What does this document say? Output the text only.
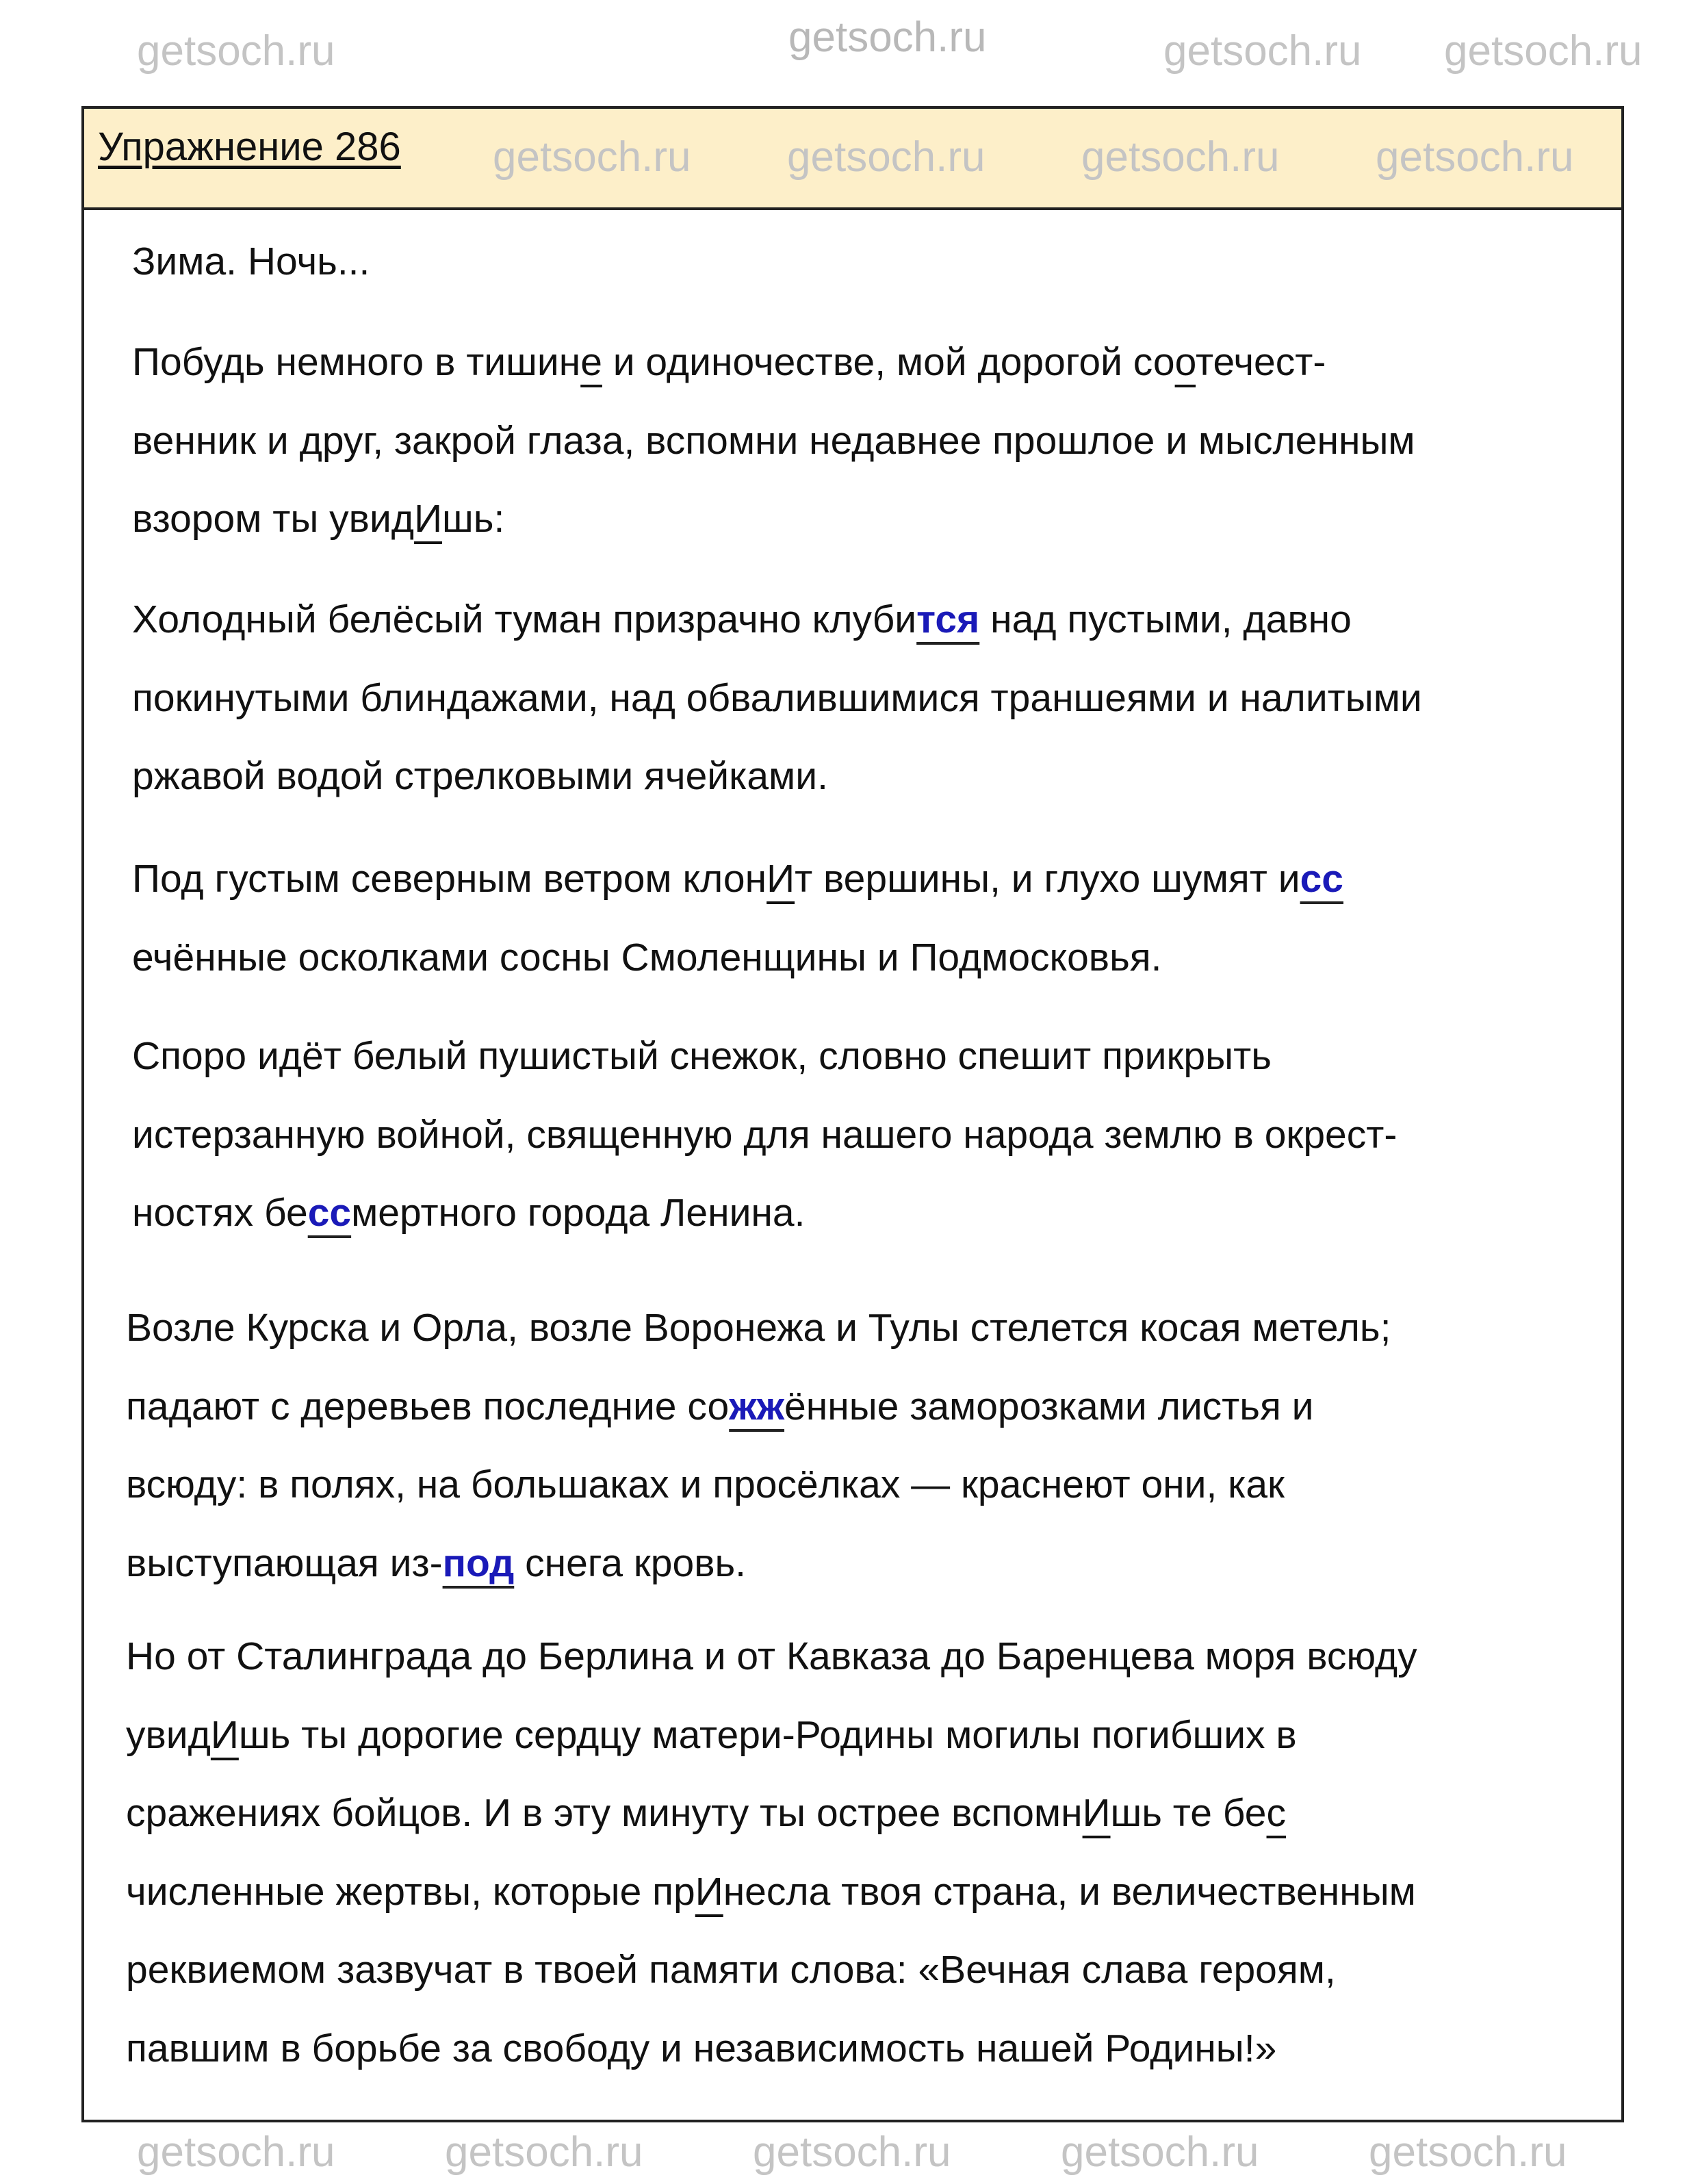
getsoch.ru
getsoch.ru	getsoch.ru getsoch.ru
Упражнение 286
Зима. Ночь...
Побудь немного в тишине и одиночестве, мой дорогой соотечест-
венник и друг, закрой глаза, вспомни недавнее прошлое и мысленным
взором ты увидИшь:
Холодный белёсый туман призрачно клубится над пустыми, давно
покинутыми блиндажами, над обвалившимися траншеями и налитыми
ржавой водой стрелковыми ячейками.
Под густым северным ветром клонИт вершины, и глухо шумят исс
ечённые осколками сосны Смоленщины и Подмосковья.
Споро идёт белый пушистый снежок, словно спешит прикрыть
истерзанную войной, священную для нашего народа землю в окрест-
ностях бессмертного города Ленина.
Возле Курска и Орла, возле Воронежа и Тулы стелется косая метель;
падают с деревьев последние сожжённые заморозками листья и
всюду: в полях, на большаках и просёлках — краснеют они, как
выступающая из-под снега кровь.
Но от Сталинграда до Берлина и от Кавказа до Баренцева моря всюду
увидИшь ты дорогие сердцу матери-Родины могилы погибших в
сражениях бойцов. И в эту минуту ты острее вспомнИшь те бес
численные жертвы, которые прИнесла твоя страна, и величественным
реквиемом зазвучат в твоей памяти слова: «Вечная слава героям,
павшим в борьбе за свободу и независимость нашей Родины!»
getsoch.ru getsoch.ru getsoch.ru getsoch.ru
getsoch.ru	getsoch.ru	getsoch.ru	getsoch.ru	getsoch.ru
